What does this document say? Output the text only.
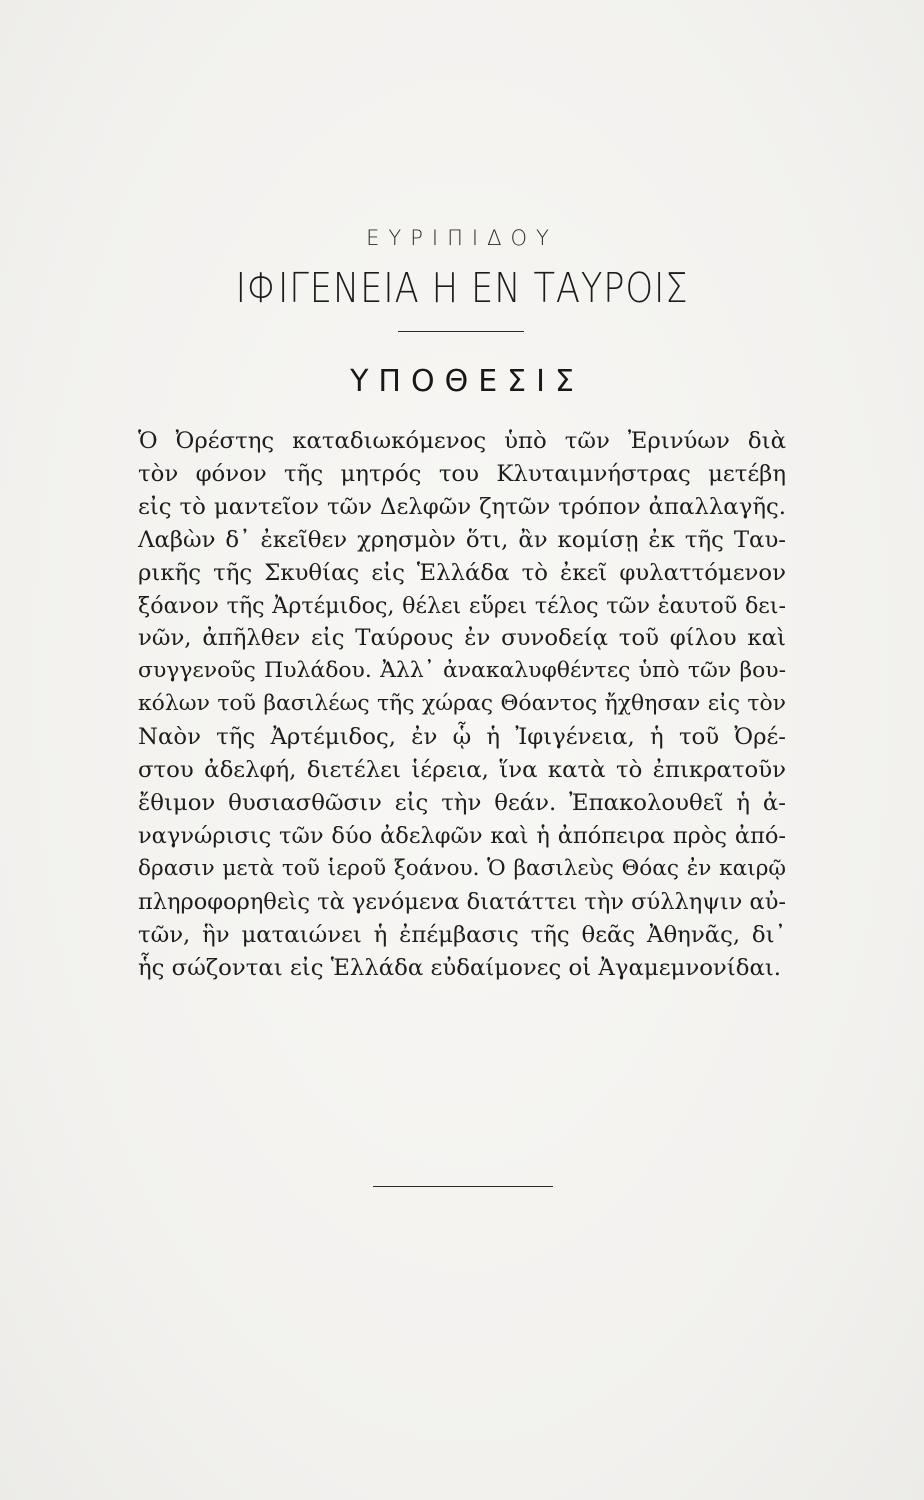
ΕΥΡΙΠΙΔΟΥ
ΙΦΙΓΕΝΕΙΑ Η ΕΝ ΤΑΥΡΟΙΣ
ΥΠΟΘΕΣΙΣ
Ὁ Ὀρέστης καταδιωκόμενος ὑπὸ τῶν Ἐρινύων διὰ
τὸν φόνον τῆς μητρός του Κλυταιμνήστρας μετέβη
εἰς τὸ μαντεῖον τῶν Δελφῶν ζητῶν τρόπον ἀπαλλαγῆς.
Λαβὼν δ᾽ ἐκεῖθεν χρησμὸν ὅτι, ἂν κομίσῃ ἐκ τῆς Ταυ-
ρικῆς τῆς Σκυθίας εἰς Ἑλλάδα τὸ ἐκεῖ φυλαττόμενον
ξόανον τῆς Ἀρτέμιδος, θέλει εὕρει τέλος τῶν ἑαυτοῦ δει-
νῶν, ἀπῆλθεν εἰς Ταύρους ἐν συνοδείᾳ τοῦ φίλου καὶ
συγγενοῦς Πυλάδου. Ἀλλ᾽ ἀνακαλυφθέντες ὑπὸ τῶν βου-
κόλων τοῦ βασιλέως τῆς χώρας Θόαντος ἤχθησαν εἰς τὸν
Ναὸν τῆς Ἀρτέμιδος, ἐν ᾧ ἡ Ἰφιγένεια, ἡ τοῦ Ὀρέ-
στου ἀδελφή, διετέλει ἱέρεια, ἵνα κατὰ τὸ ἐπικρατοῦν
ἔθιμον θυσιασθῶσιν εἰς τὴν θεάν. Ἐπακολουθεῖ ἡ ἀ-
ναγνώρισις τῶν δύο ἀδελφῶν καὶ ἡ ἀπόπειρα πρὸς ἀπό-
δρασιν μετὰ τοῦ ἱεροῦ ξοάνου. Ὁ βασιλεὺς Θόας ἐν καιρῷ
πληροφορηθεὶς τὰ γενόμενα διατάττει τὴν σύλληψιν αὐ-
τῶν, ἣν ματαιώνει ἡ ἐπέμβασις τῆς θεᾶς Ἀθηνᾶς, δι᾽
ἧς σώζονται εἰς Ἑλλάδα εὐδαίμονες οἱ Ἀγαμεμνονίδαι.
